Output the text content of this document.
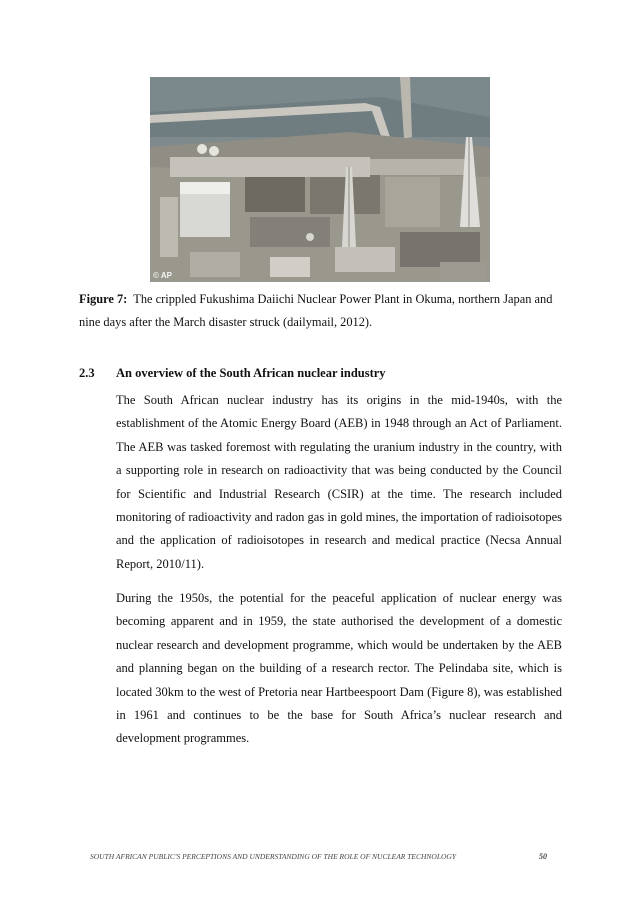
© AP
Figure 7: The crippled Fukushima Daiichi Nuclear Power Plant in Okuma, northern Japan and nine days after the March disaster struck (dailymail, 2012).
2.3 An overview of the South African nuclear industry

The South African nuclear industry has its origins in the mid-1940s, with the establishment of the Atomic Energy Board (AEB) in 1948 through an Act of Parliament. The AEB was tasked foremost with regulating the uranium industry in the country, with a supporting role in research on radioactivity that was being conducted by the Council for Scientific and Industrial Research (CSIR) at the time. The research included monitoring of radioactivity and radon gas in gold mines, the importation of radioisotopes and the application of radioisotopes in research and medical practice (Necsa Annual Report, 2010/11).

During the 1950s, the potential for the peaceful application of nuclear energy was becoming apparent and in 1959, the state authorised the development of a domestic nuclear research and development programme, which would be undertaken by the AEB and planning began on the building of a research rector. The Pelindaba site, which is located 30km to the west of Pretoria near Hartbeespoort Dam (Figure 8), was established in 1961 and continues to be the base for South Africa’s nuclear research and development programmes.

SOUTH AFRICAN PUBLIC'S PERCEPTIONS AND UNDERSTANDING OF THE ROLE OF NUCLEAR TECHNOLOGY	50
